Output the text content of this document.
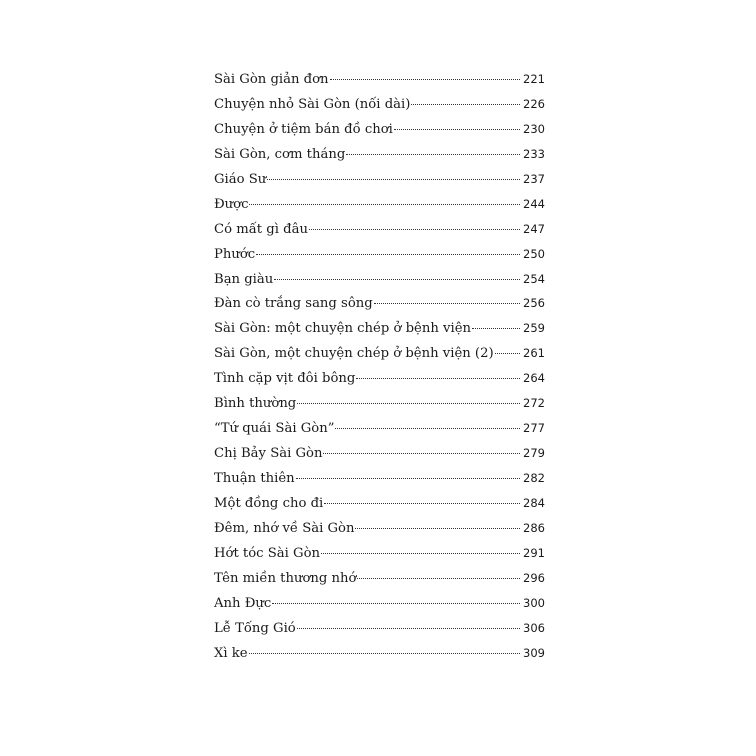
Sài Gòn giản đơn	221
Chuyện nhỏ Sài Gòn (nối dài)	226
Chuyện ở tiệm bán đồ chơi	230
Sài Gòn, cơm tháng	233
Giáo Sư	237
Được	244
Có mất gì đâu	247
Phước	250
Bạn giàu	254
Đàn cò trắng sang sông	256
Sài Gòn: một chuyện chép ở bệnh viện	259
Sài Gòn, một chuyện chép ở bệnh viện (2)	261
Tình cặp vịt đôi bông	264
Bình thường	272
“Tứ quái Sài Gòn”	277
Chị Bảy Sài Gòn	279
Thuận thiên	282
Một đồng cho đi	284
Đêm, nhớ về Sài Gòn	286
Hớt tóc Sài Gòn	291
Tên miền thương nhớ	296
Anh Đực	300
Lễ Tống Gió	306
Xì ke	309
